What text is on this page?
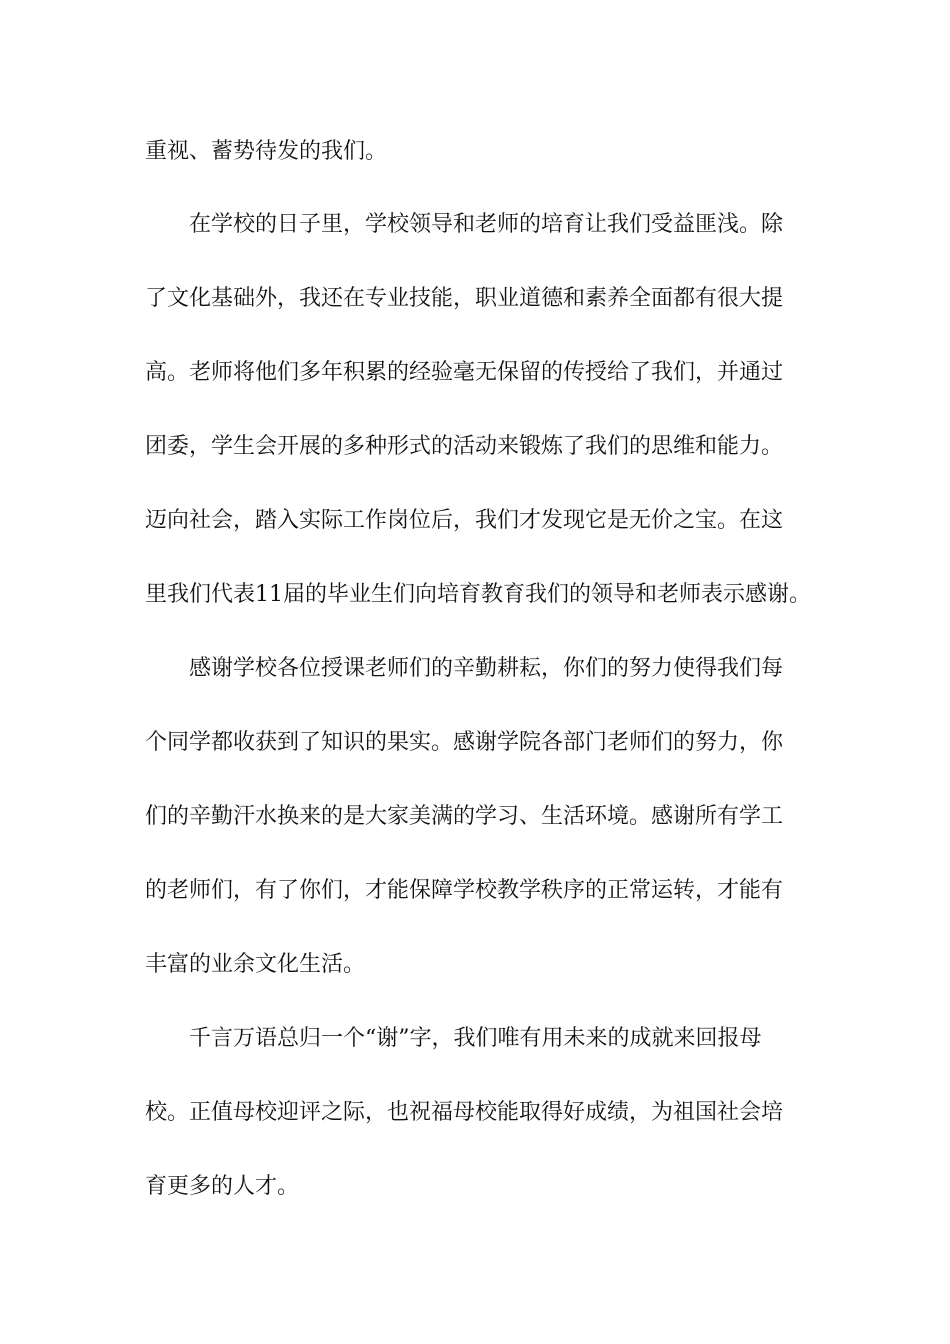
重视、蓄势待发的我们。
在学校的日子里，学校领导和老师的培育让我们受益匪浅。除
了文化基础外，我还在专业技能，职业道德和素养全面都有很大提
高。老师将他们多年积累的经验毫无保留的传授给了我们，并通过
团委，学生会开展的多种形式的活动来锻炼了我们的思维和能力。
迈向社会，踏入实际工作岗位后，我们才发现它是无价之宝。在这
里我们代表11届的毕业生们向培育教育我们的领导和老师表示感谢。
感谢学校各位授课老师们的辛勤耕耘，你们的努力使得我们每
个同学都收获到了知识的果实。感谢学院各部门老师们的努力，你
们的辛勤汗水换来的是大家美满的学习、生活环境。感谢所有学工
的老师们，有了你们，才能保障学校教学秩序的正常运转，才能有
丰富的业余文化生活。
千言万语总归一个“谢”字，我们唯有用未来的成就来回报母
校。正值母校迎评之际，也祝福母校能取得好成绩，为祖国社会培
育更多的人才。
